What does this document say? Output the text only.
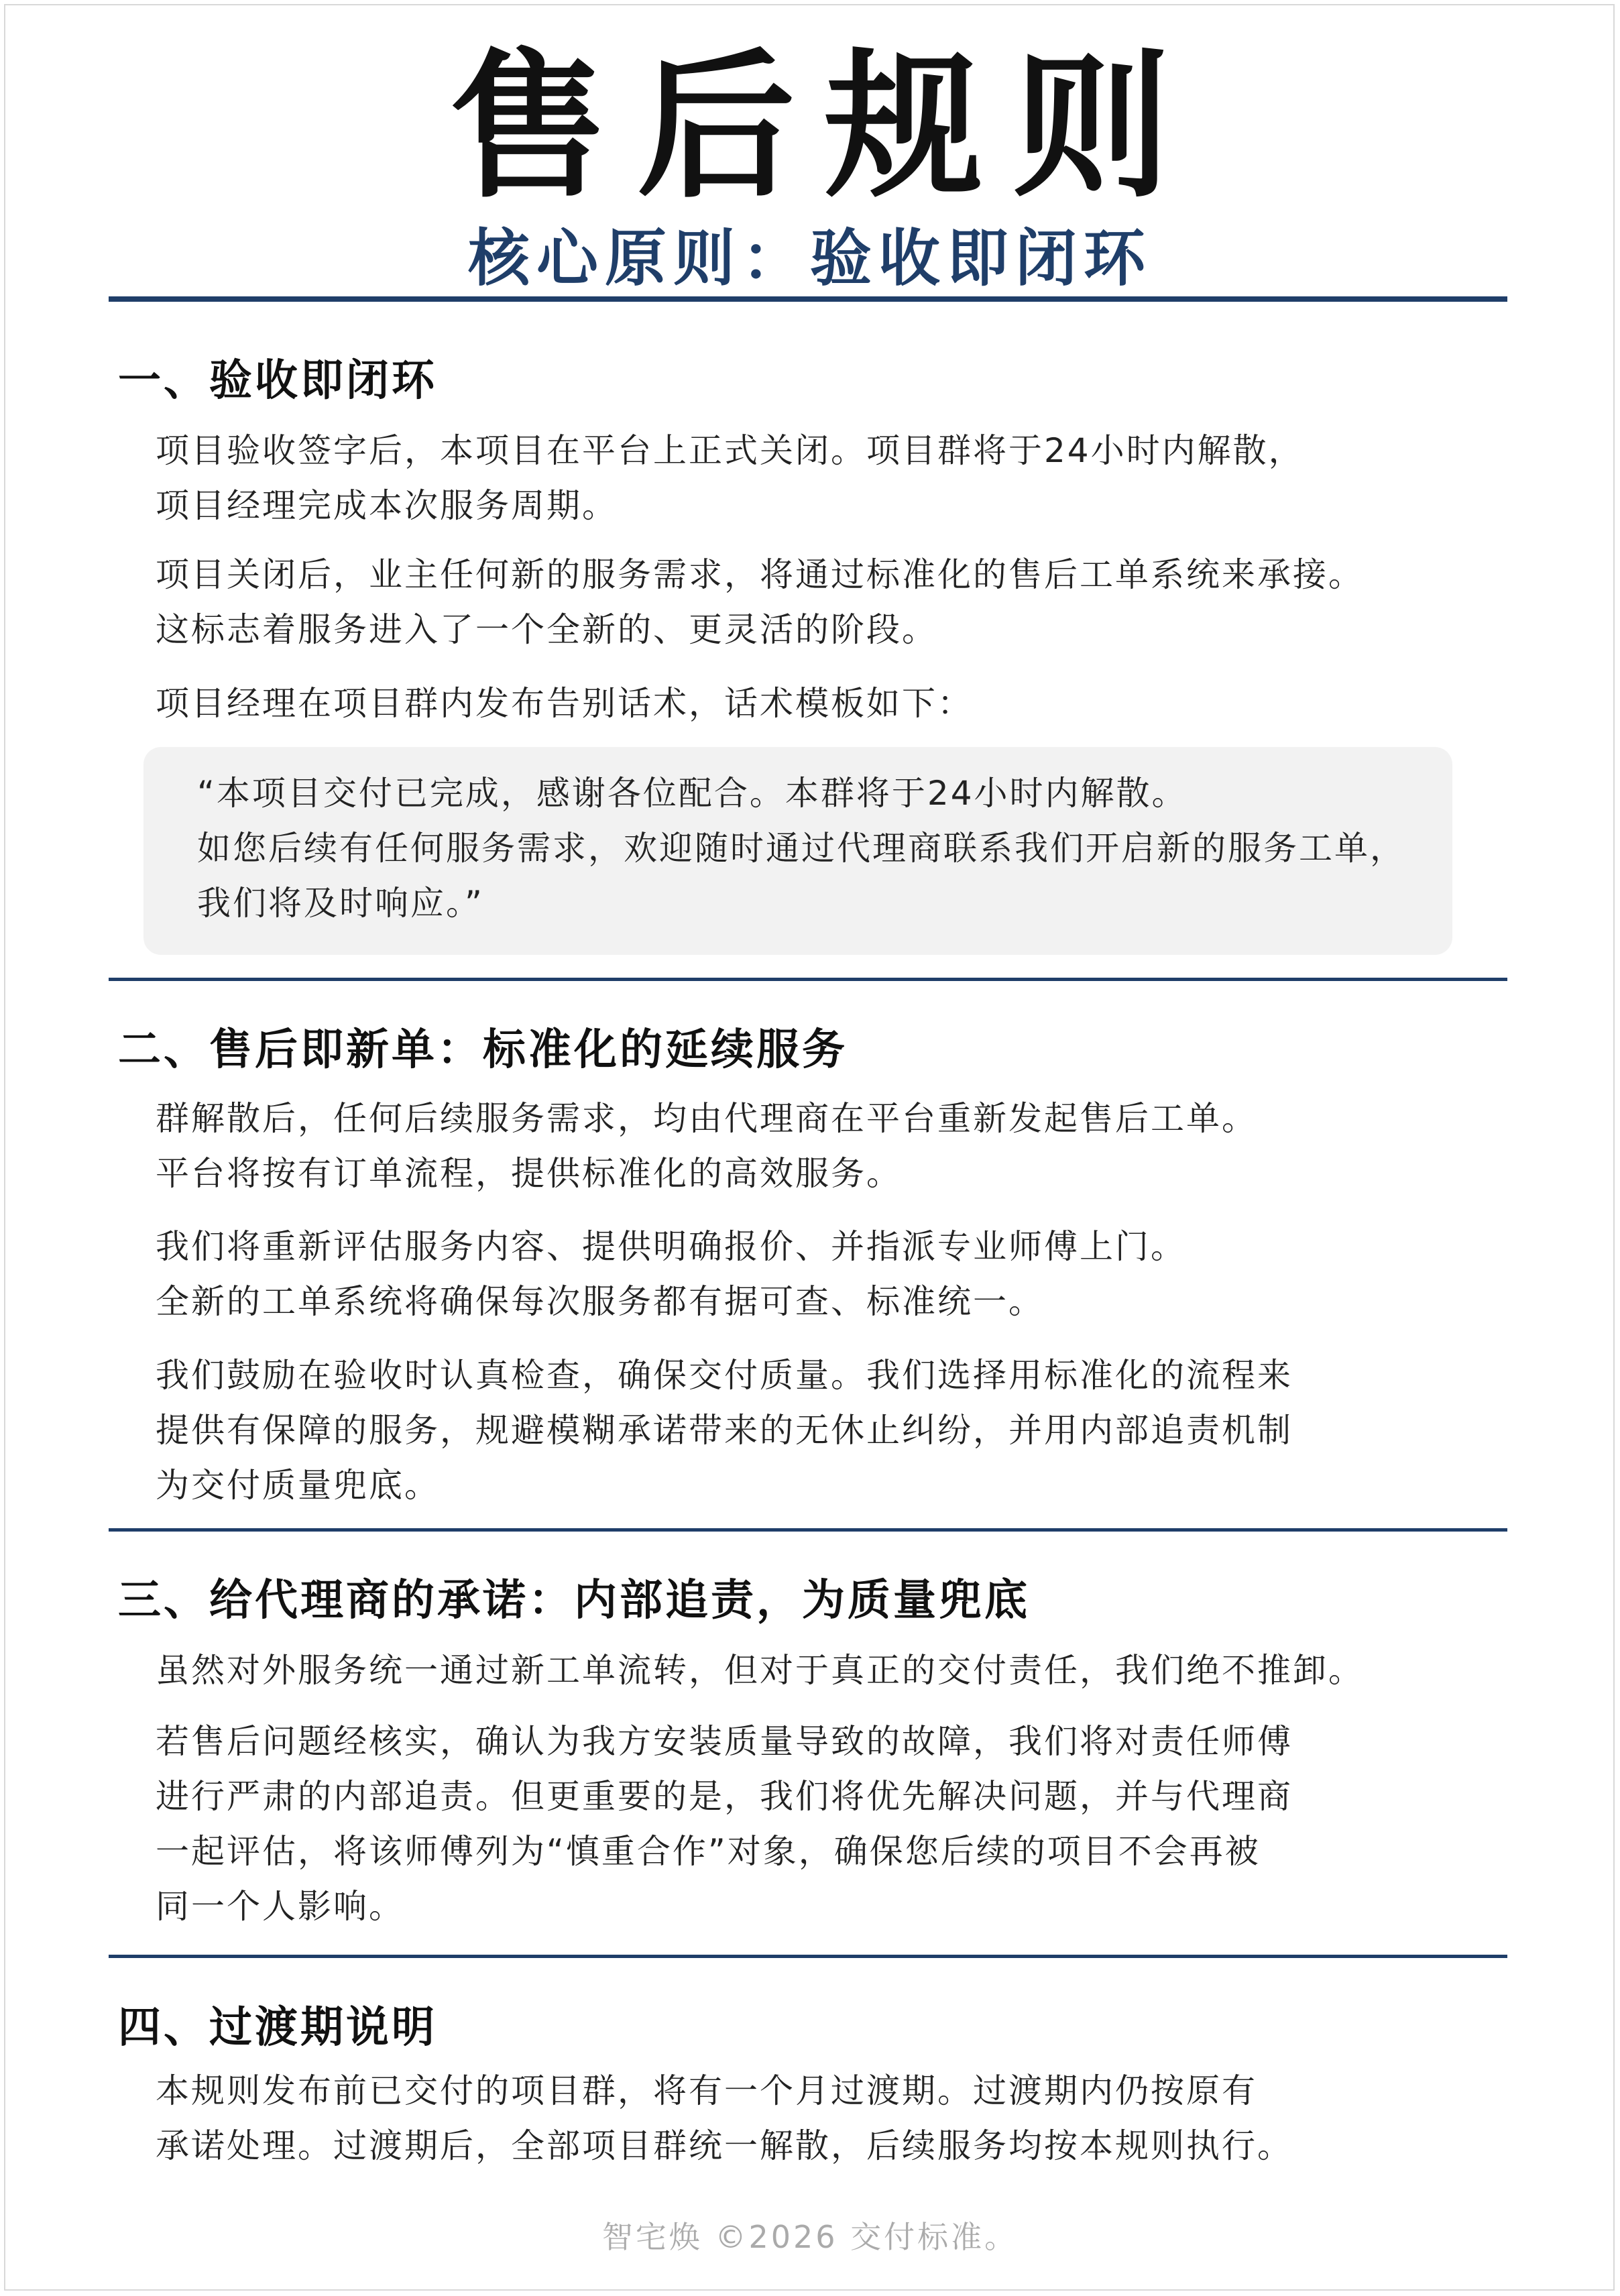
售后规则
核心原则：验收即闭环
一、验收即闭环
项目验收签字后，本项目在平台上正式关闭。项目群将于24小时内解散，
项目经理完成本次服务周期。
项目关闭后，业主任何新的服务需求，将通过标准化的售后工单系统来承接。
这标志着服务进入了一个全新的、更灵活的阶段。
项目经理在项目群内发布告别话术，话术模板如下：
“本项目交付已完成，感谢各位配合。本群将于24小时内解散。
如您后续有任何服务需求，欢迎随时通过代理商联系我们开启新的服务工单，
我们将及时响应。”
二、售后即新单：标准化的延续服务
群解散后，任何后续服务需求，均由代理商在平台重新发起售后工单。
平台将按有订单流程，提供标准化的高效服务。
我们将重新评估服务内容、提供明确报价、并指派专业师傅上门。
全新的工单系统将确保每次服务都有据可查、标准统一。
我们鼓励在验收时认真检查，确保交付质量。我们选择用标准化的流程来
提供有保障的服务，规避模糊承诺带来的无休止纠纷，并用内部追责机制
为交付质量兜底。
三、给代理商的承诺：内部追责，为质量兜底
虽然对外服务统一通过新工单流转，但对于真正的交付责任，我们绝不推卸。
若售后问题经核实，确认为我方安装质量导致的故障，我们将对责任师傅
进行严肃的内部追责。但更重要的是，我们将优先解决问题，并与代理商
一起评估，将该师傅列为“慎重合作”对象，确保您后续的项目不会再被
同一个人影响。
四、过渡期说明
本规则发布前已交付的项目群，将有一个月过渡期。过渡期内仍按原有
承诺处理。过渡期后，全部项目群统一解散，后续服务均按本规则执行。
智宅焕 ©2026 交付标准。
